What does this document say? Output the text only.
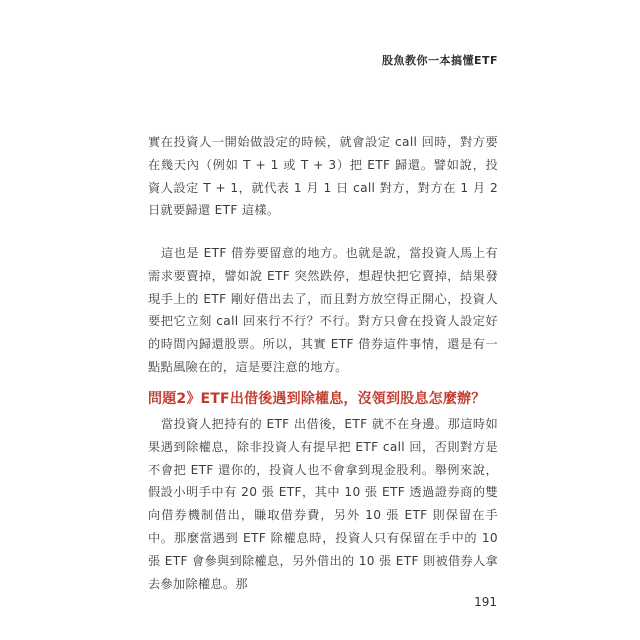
股魚教你一本搞懂ETF

實在投資人一開始做設定的時候，就會設定 call 回時，對方要在幾天內（例如 T + 1 或 T + 3）把 ETF 歸還。譬如說，投資人設定 T + 1，就代表 1 月 1 日 call 對方，對方在 1 月 2 日就要歸還 ETF 這樣。

這也是 ETF 借券要留意的地方。也就是說，當投資人馬上有需求要賣掉，譬如說 ETF 突然跌停，想趕快把它賣掉，結果發現手上的 ETF 剛好借出去了，而且對方放空得正開心，投資人要把它立刻 call 回來行不行？不行。對方只會在投資人設定好的時間內歸還股票。所以，其實 ETF 借券這件事情，還是有一點點風險在的，這是要注意的地方。

問題2》ETF出借後遇到除權息，沒領到股息怎麼辦？

當投資人把持有的 ETF 出借後，ETF 就不在身邊。那這時如果遇到除權息，除非投資人有提早把 ETF call 回，否則對方是不會把 ETF 還你的，投資人也不會拿到現金股利。舉例來說，假設小明手中有 20 張 ETF，其中 10 張 ETF 透過證券商的雙向借券機制借出，賺取借券費，另外 10 張 ETF 則保留在手中。那麼當遇到 ETF 除權息時，投資人只有保留在手中的 10 張 ETF 會參與到除權息，另外借出的 10 張 ETF 則被借券人拿去參加除權息。那

191
